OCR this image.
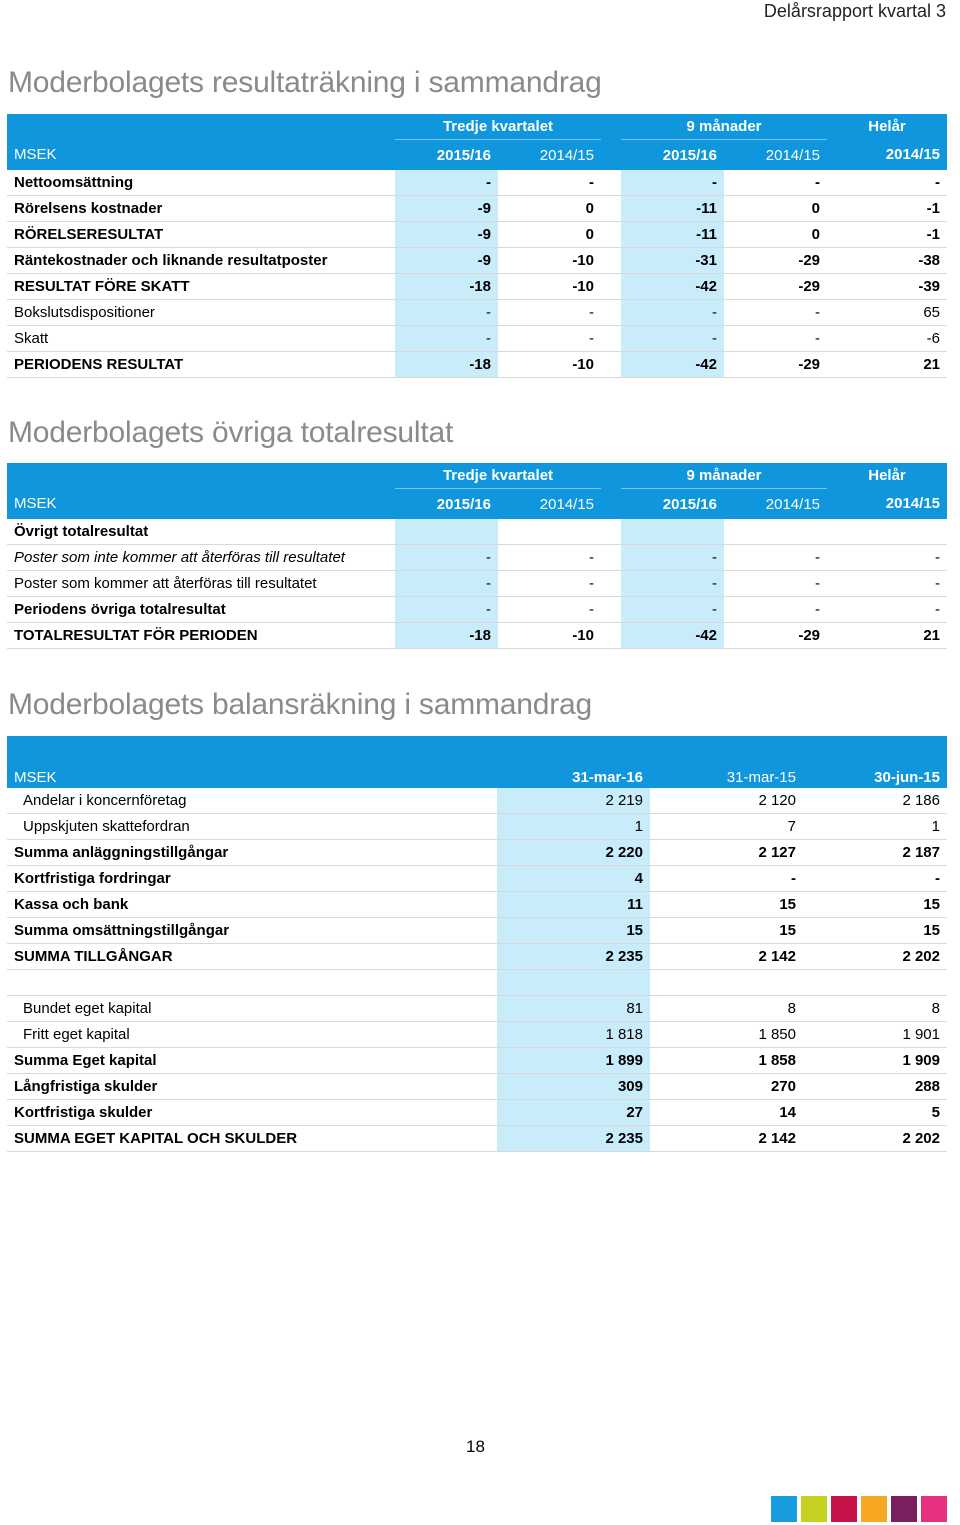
Delårsrapport kvartal 3
Moderbolagets resultaträkning i sammandrag
	Tredje kvartalet			9 månader		Helår
MSEK	2015/16	2014/15		2015/16	2014/15	2014/15
Nettoomsättning	-	-		-	-	-
Rörelsens kostnader	-9	0		-11	0	-1
RÖRELSERESULTAT	-9	0		-11	0	-1
Räntekostnader och liknande resultatposter	-9	-10		-31	-29	-38
RESULTAT FÖRE SKATT	-18	-10		-42	-29	-39
Bokslutsdispositioner	-	-		-	-	65
Skatt	-	-		-	-	-6
PERIODENS RESULTAT	-18	-10		-42	-29	21
Moderbolagets övriga totalresultat
	Tredje kvartalet			9 månader		Helår
MSEK	2015/16	2014/15		2015/16	2014/15	2014/15
Övrigt totalresultat						
Poster som inte kommer att återföras till resultatet	-	-		-	-	-
Poster som kommer att återföras till resultatet	-	-		-	-	-
Periodens övriga totalresultat	-	-		-	-	-
TOTALRESULTAT FÖR PERIODEN	-18	-10		-42	-29	21
Moderbolagets balansräkning i sammandrag
MSEK	31-mar-16	31-mar-15	30-jun-15
Andelar i koncernföretag	2 219	2 120	2 186
Uppskjuten skattefordran	1	7	1
Summa anläggningstillgångar	2 220	2 127	2 187
Kortfristiga fordringar	4	-	-
Kassa och bank	11	15	15
Summa omsättningstillgångar	15	15	15
SUMMA TILLGÅNGAR	2 235	2 142	2 202

Bundet eget kapital	81	8	8
Fritt eget kapital	1 818	1 850	1 901
Summa Eget kapital	1 899	1 858	1 909
Långfristiga skulder	309	270	288
Kortfristiga skulder	27	14	5
SUMMA EGET KAPITAL OCH SKULDER	2 235	2 142	2 202
18
